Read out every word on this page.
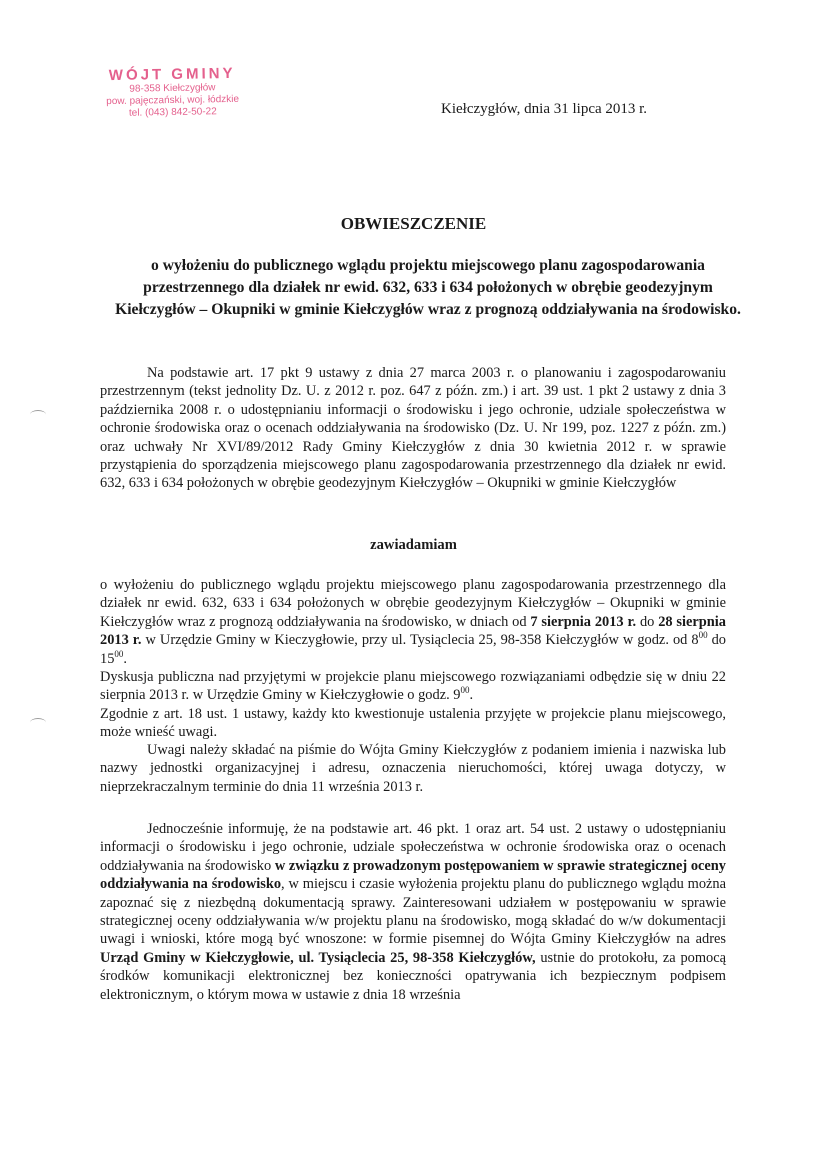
WÓJT GMINY
98-358 Kiełczygłów
pow. pajęczański, woj. łódzkie
tel. (043) 842-50-22	Kiełczygłów, dnia 31 lipca 2013 r.
OBWIESZCZENIE
o wyłożeniu do publicznego wglądu projektu miejscowego planu zagospodarowania przestrzennego dla działek nr ewid. 632, 633 i 634 położonych w obrębie geodezyjnym Kiełczygłów – Okupniki w gminie Kiełczygłów wraz z prognozą oddziaływania na środowisko.
Na podstawie art. 17 pkt 9 ustawy z dnia 27 marca 2003 r. o planowaniu i zagospodarowaniu przestrzennym (tekst jednolity Dz. U. z 2012 r. poz. 647 z późn. zm.) i art. 39 ust. 1 pkt 2 ustawy z dnia 3 października 2008 r. o udostępnianiu informacji o środowisku i jego ochronie, udziale społeczeństwa w ochronie środowiska oraz o ocenach oddziaływania na środowisko (Dz. U. Nr 199, poz. 1227 z późn. zm.) oraz uchwały Nr XVI/89/2012 Rady Gminy Kiełczygłów z dnia 30 kwietnia 2012 r. w sprawie przystąpienia do sporządzenia miejscowego planu zagospodarowania przestrzennego dla działek nr ewid. 632, 633 i 634 położonych w obrębie geodezyjnym Kiełczygłów – Okupniki w gminie Kiełczygłów
zawiadamiam
o wyłożeniu do publicznego wglądu projektu miejscowego planu zagospodarowania przestrzennego dla działek nr ewid. 632, 633 i 634 położonych w obrębie geodezyjnym Kiełczygłów – Okupniki w gminie Kiełczygłów wraz z prognozą oddziaływania na środowisko, w dniach od 7 sierpnia 2013 r. do 28 sierpnia 2013 r. w Urzędzie Gminy w Kieczygłowie, przy ul. Tysiąclecia 25, 98-358 Kiełczygłów w godz. od $8^{00}$ do $15^{00}$.
Dyskusja publiczna nad przyjętymi w projekcie planu miejscowego rozwiązaniami odbędzie się w dniu 22 sierpnia 2013 r. w Urzędzie Gminy w Kiełczygłowie o godz. $9^{00}$.
Zgodnie z art. 18 ust. 1 ustawy, każdy kto kwestionuje ustalenia przyjęte w projekcie planu miejscowego, może wnieść uwagi.
Uwagi należy składać na piśmie do Wójta Gminy Kiełczygłów z podaniem imienia i nazwiska lub nazwy jednostki organizacyjnej i adresu, oznaczenia nieruchomości, której uwaga dotyczy, w nieprzekraczalnym terminie do dnia 11 września 2013 r.
Jednocześnie informuję, że na podstawie art. 46 pkt. 1 oraz art. 54 ust. 2 ustawy o udostępnianiu informacji o środowisku i jego ochronie, udziale społeczeństwa w ochronie środowiska oraz o ocenach oddziaływania na środowisko w związku z prowadzonym postępowaniem w sprawie strategicznej oceny oddziaływania na środowisko, w miejscu i czasie wyłożenia projektu planu do publicznego wglądu można zapoznać się z niezbędną dokumentacją sprawy. Zainteresowani udziałem w postępowaniu w sprawie strategicznej oceny oddziaływania w/w projektu planu na środowisko, mogą składać do w/w dokumentacji uwagi i wnioski, które mogą być wnoszone: w formie pisemnej do Wójta Gminy Kiełczygłów na adres Urząd Gminy w Kiełczygłowie, ul. Tysiąclecia 25, 98-358 Kiełczygłów, ustnie do protokołu, za pomocą środków komunikacji elektronicznej bez konieczności opatrywania ich bezpiecznym podpisem elektronicznym, o którym mowa w ustawie z dnia 18 września
